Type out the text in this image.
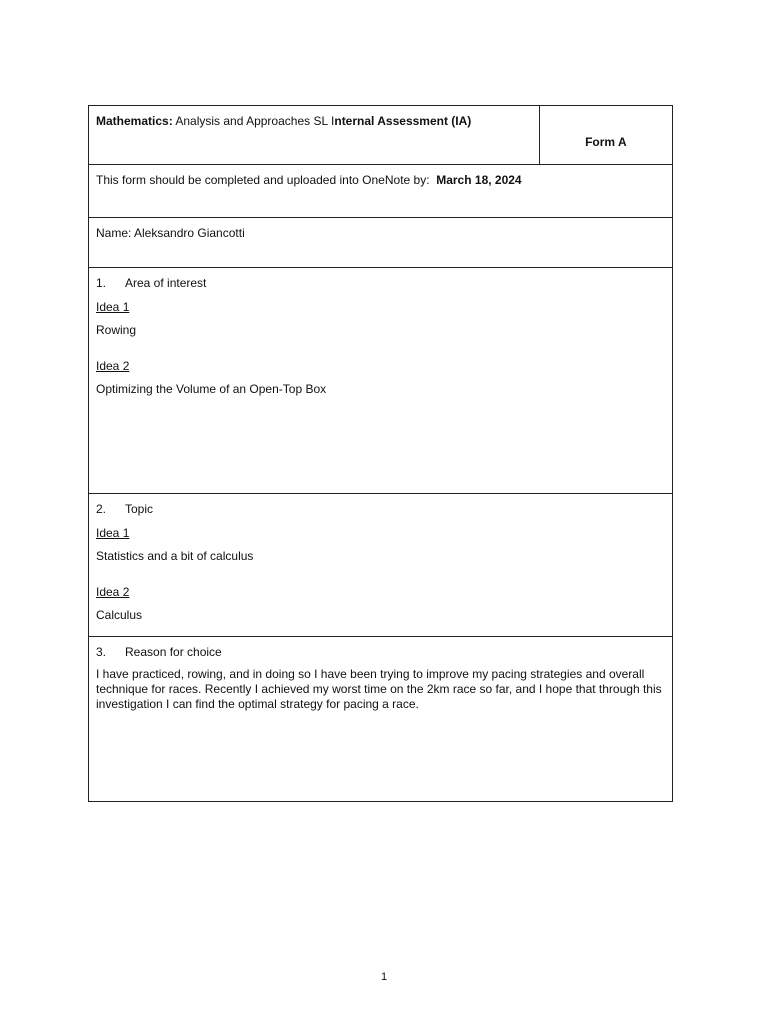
Mathematics: Analysis and Approaches SL Internal Assessment (IA)	Form A
This form should be completed and uploaded into OneNote by: March 18, 2024
Name: Aleksandro Giancotti

1.	Area of interest
Idea 1
Rowing
Idea 2
Optimizing the Volume of an Open-Top Box

2.	Topic
Idea 1
Statistics and a bit of calculus
Idea 2
Calculus

3.	Reason for choice
I have practiced, rowing, and in doing so I have been trying to improve my pacing strategies and overall technique for races. Recently I achieved my worst time on the 2km race so far, and I hope that through this investigation I can find the optimal strategy for pacing a race.
1
